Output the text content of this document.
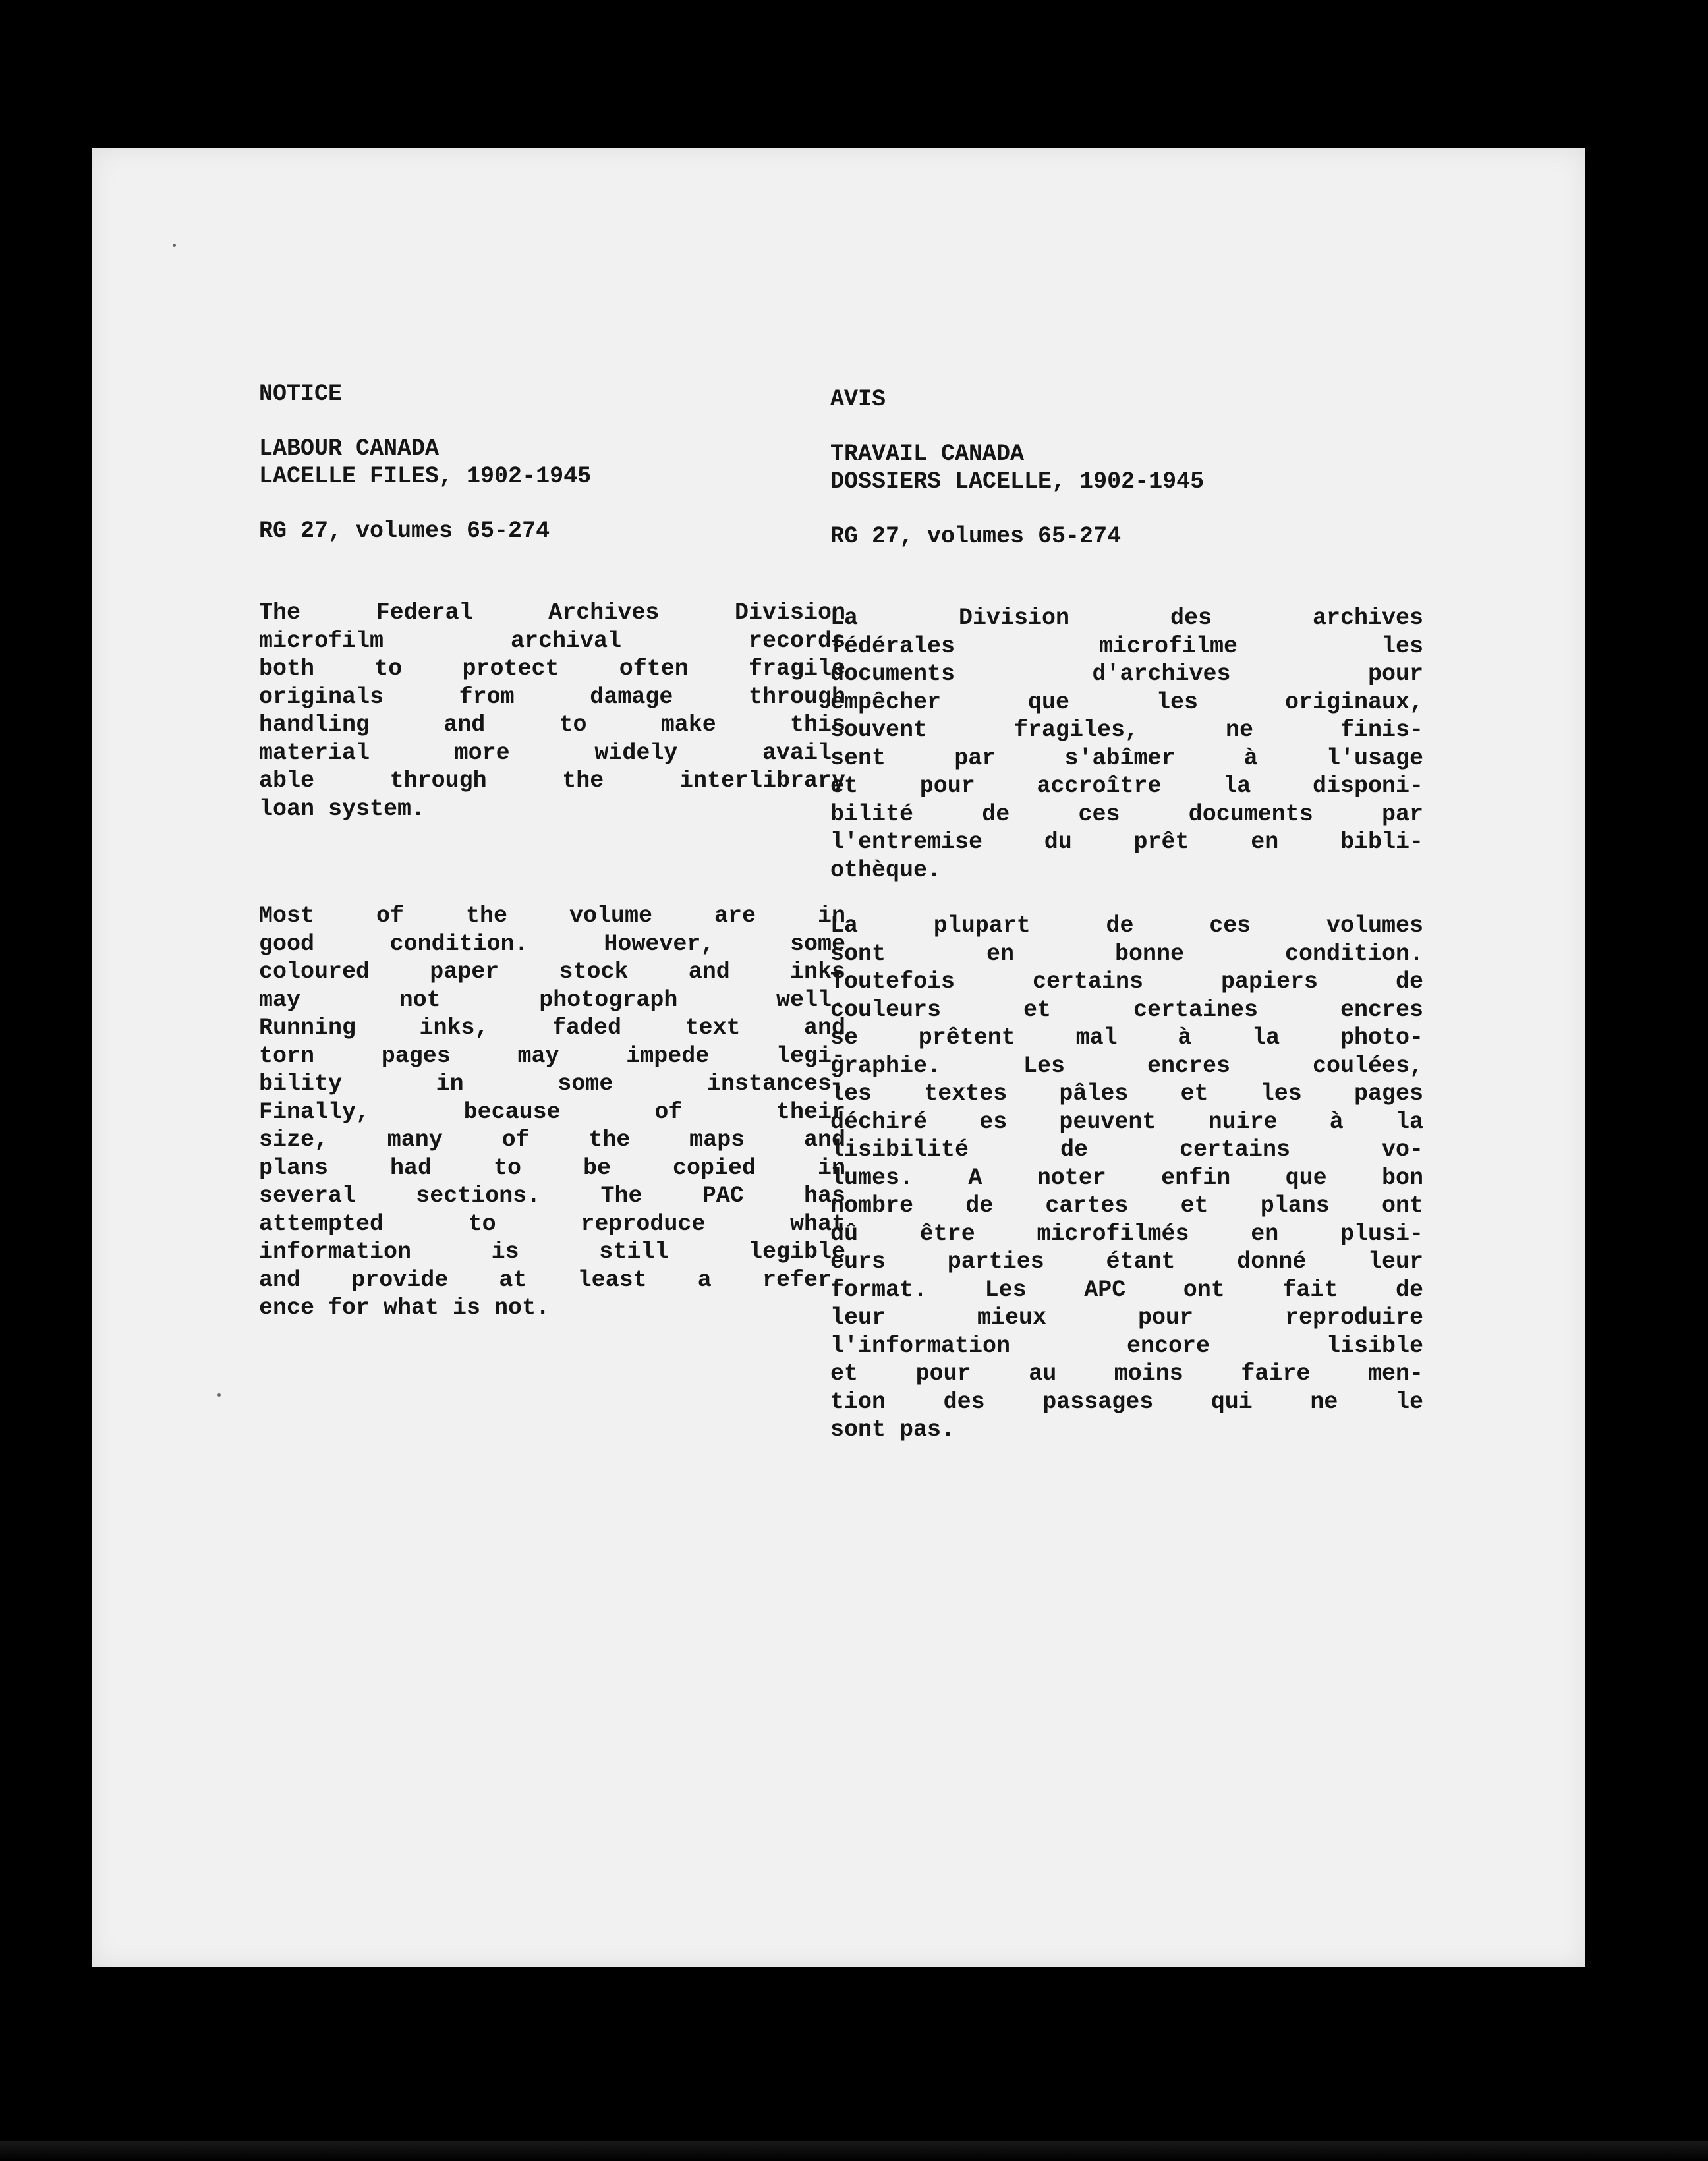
NOTICE
LABOUR CANADA
LACELLE FILES, 1902-1945
RG 27, volumes 65-274
The Federal Archives Division
microfilm archival records
both to protect often fragile
originals from damage through
handling and to make this
material more widely avail-
able through the interlibrary
loan system.
Most of the volume are in
good condition. However, some
coloured paper stock and inks
may not photograph well.
Running inks, faded text and
torn pages may impede legi-
bility in some instances.
Finally, because of their
size, many of the maps and
plans had to be copied in
several sections. The PAC has
attempted to reproduce what
information is still legible
and provide at least a refer-
ence for what is not.
AVIS
TRAVAIL CANADA
DOSSIERS LACELLE, 1902-1945
RG 27, volumes 65-274
La Division des archives
fédérales microfilme les
documents d'archives pour
empêcher que les originaux,
souvent fragiles, ne finis-
sent par s'abîmer à l'usage
et pour accroître la disponi-
bilité de ces documents par
l'entremise du prêt en bibli-
othèque.
La plupart de ces volumes
sont en bonne condition.
Toutefois certains papiers de
couleurs et certaines encres
se prêtent mal à la photo-
graphie. Les encres coulées,
les textes pâles et les pages
déchiré es peuvent nuire à la
lisibilité de certains vo-
lumes. A noter enfin que bon
nombre de cartes et plans ont
dû être microfilmés en plusi-
eurs parties étant donné leur
format. Les APC ont fait de
leur mieux pour reproduire
l'information encore lisible
et pour au moins faire men-
tion des passages qui ne le
sont pas.
